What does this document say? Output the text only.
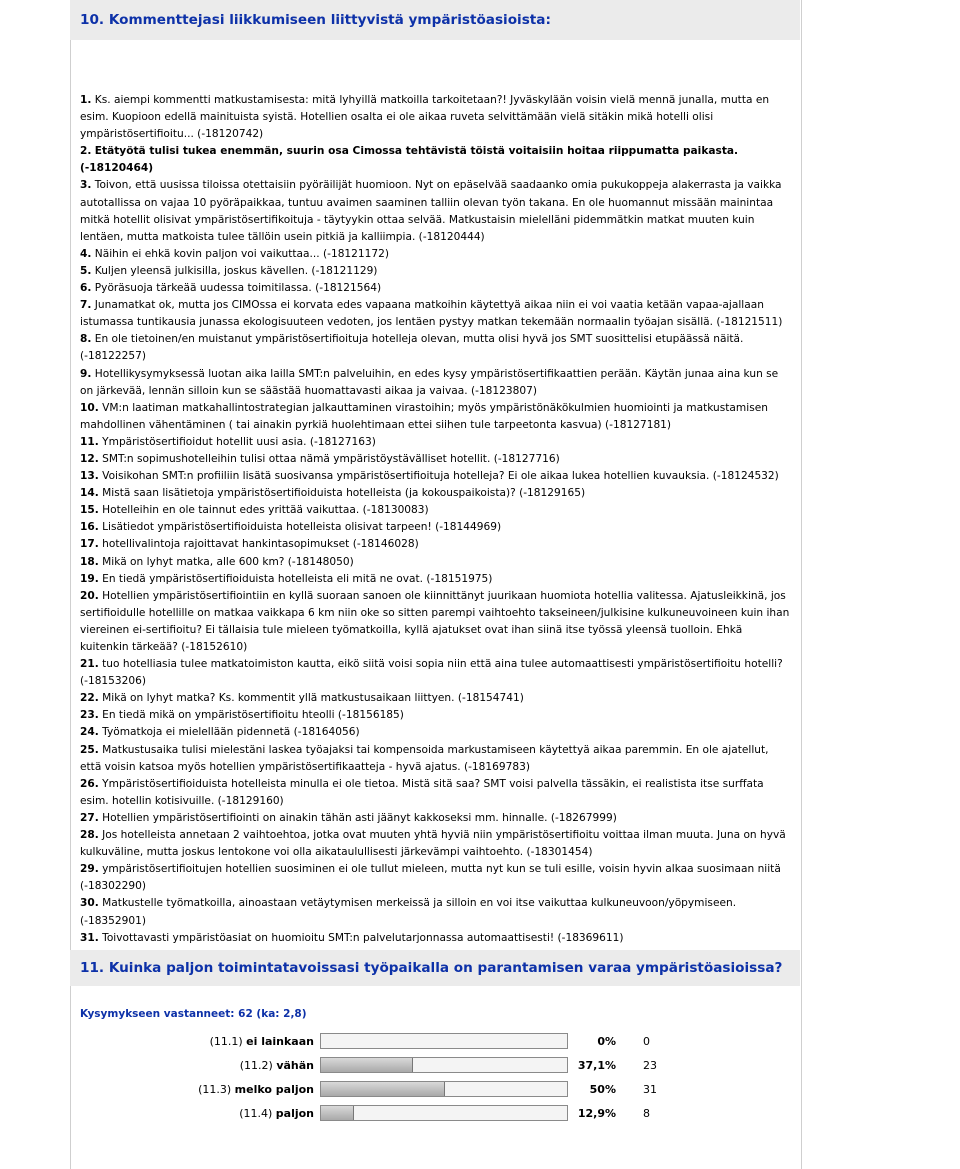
10. Kommenttejasi liikkumiseen liittyvistä ympäristöasioista:
1. Ks. aiempi kommentti matkustamisesta: mitä lyhyillä matkoilla tarkoitetaan?! Jyväskylään voisin vielä mennä junalla, mutta en esim. Kuopioon edellä mainituista syistä. Hotellien osalta ei ole aikaa ruveta selvittämään vielä sitäkin mikä hotelli olisi ympäristösertifioitu... (-18120742)
2. Etätyötä tulisi tukea enemmän, suurin osa Cimossa tehtävistä töistä voitaisiin hoitaa riippumatta paikasta. (-18120464)
3. Toivon, että uusissa tiloissa otettaisiin pyöräilijät huomioon. Nyt on epäselvää saadaanko omia pukukoppeja alakerrasta ja vaikka autotallissa on vajaa 10 pyöräpaikkaa, tuntuu avaimen saaminen talliin olevan työn takana. En ole huomannut missään mainintaa mitkä hotellit olisivat ympäristösertifikoituja - täytyykin ottaa selvää. Matkustaisin mielelläni pidemmätkin matkat muuten kuin lentäen, mutta matkoista tulee tällöin usein pitkiä ja kalliimpia. (-18120444)
4. Näihin ei ehkä kovin paljon voi vaikuttaa... (-18121172)
5. Kuljen yleensä julkisilla, joskus kävellen. (-18121129)
6. Pyöräsuoja tärkeää uudessa toimitilassa. (-18121564)
7. Junamatkat ok, mutta jos CIMOssa ei korvata edes vapaana matkoihin käytettyä aikaa niin ei voi vaatia ketään vapaa-ajallaan istumassa tuntikausia junassa ekologisuuteen vedoten, jos lentäen pystyy matkan tekemään normaalin työajan sisällä. (-18121511)
8. En ole tietoinen/en muistanut ympäristösertifioituja hotelleja olevan, mutta olisi hyvä jos SMT suosittelisi etupäässä näitä. (-18122257)
9. Hotellikysymyksessä luotan aika lailla SMT:n palveluihin, en edes kysy ympäristösertifikaattien perään. Käytän junaa aina kun se on järkevää, lennän silloin kun se säästää huomattavasti aikaa ja vaivaa. (-18123807)
10. VM:n laatiman matkahallintostrategian jalkauttaminen virastoihin; myös ympäristönäkökulmien huomiointi ja matkustamisen mahdollinen vähentäminen ( tai ainakin pyrkiä huolehtimaan ettei siihen tule tarpeetonta kasvua) (-18127181)
11. Ympäristösertifioidut hotellit uusi asia. (-18127163)
12. SMT:n sopimushotelleihin tulisi ottaa nämä ympäristöystävälliset hotellit. (-18127716)
13. Voisikohan SMT:n profiiliin lisätä suosivansa ympäristösertifioituja hotelleja? Ei ole aikaa lukea hotellien kuvauksia. (-18124532)
14. Mistä saan lisätietoja ympäristösertifioiduista hotelleista (ja kokouspaikoista)? (-18129165)
15. Hotelleihin en ole tainnut edes yrittää vaikuttaa. (-18130083)
16. Lisätiedot ympäristösertifioiduista hotelleista olisivat tarpeen! (-18144969)
17. hotellivalintoja rajoittavat hankintasopimukset (-18146028)
18. Mikä on lyhyt matka, alle 600 km? (-18148050)
19. En tiedä ympäristösertifioiduista hotelleista eli mitä ne ovat. (-18151975)
20. Hotellien ympäristösertifiointiin en kyllä suoraan sanoen ole kiinnittänyt juurikaan huomiota hotellia valitessa. Ajatusleikkinä, jos sertifioidulle hotellille on matkaa vaikkapa 6 km niin oke so sitten parempi vaihtoehto takseineen/julkisine kulkuneuvoineen kuin ihan viereinen ei-sertifioitu? Ei tällaisia tule mieleen työmatkoilla, kyllä ajatukset ovat ihan siinä itse työssä yleensä tuolloin. Ehkä kuitenkin tärkeää? (-18152610)
21. tuo hotelliasia tulee matkatoimiston kautta, eikö siitä voisi sopia niin että aina tulee automaattisesti ympäristösertifioitu hotelli? (-18153206)
22. Mikä on lyhyt matka? Ks. kommentit yllä matkustusaikaan liittyen. (-18154741)
23. En tiedä mikä on ympäristösertifioitu hteolli (-18156185)
24. Työmatkoja ei mielellään pidennetä (-18164056)
25. Matkustusaika tulisi mielestäni laskea työajaksi tai kompensoida markustamiseen käytettyä aikaa paremmin. En ole ajatellut, että voisin katsoa myös hotellien ympäristösertifikaatteja - hyvä ajatus. (-18169783)
26. Ympäristösertifioiduista hotelleista minulla ei ole tietoa. Mistä sitä saa? SMT voisi palvella tässäkin, ei realistista itse surffata esim. hotellin kotisivuille. (-18129160)
27. Hotellien ympäristösertifiointi on ainakin tähän asti jäänyt kakkoseksi mm. hinnalle. (-18267999)
28. Jos hotelleista annetaan 2 vaihtoehtoa, jotka ovat muuten yhtä hyviä niin ympäristösertifioitu voittaa ilman muuta. Juna on hyvä kulkuväline, mutta joskus lentokone voi olla aikataulullisesti järkevämpi vaihtoehto. (-18301454)
29. ympäristösertifioitujen hotellien suosiminen ei ole tullut mieleen, mutta nyt kun se tuli esille, voisin hyvin alkaa suosimaan niitä (-18302290)
30. Matkustelle työmatkoilla, ainoastaan vetäytymisen merkeissä ja silloin en voi itse vaikuttaa kulkuneuvoon/yöpymiseen. (-18352901)
31. Toivottavasti ympäristöasiat on huomioitu SMT:n palvelutarjonnassa automaattisesti! (-18369611)
11. Kuinka paljon toimintatavoissasi työpaikalla on parantamisen varaa ympäristöasioissa?
Kysymykseen vastanneet: 62 (ka: 2,8)
(11.1) ei lainkaan	0% 0
(11.2) vähän	37,1% 23
(11.3) melko paljon	50% 31
(11.4) paljon	12,9% 8
